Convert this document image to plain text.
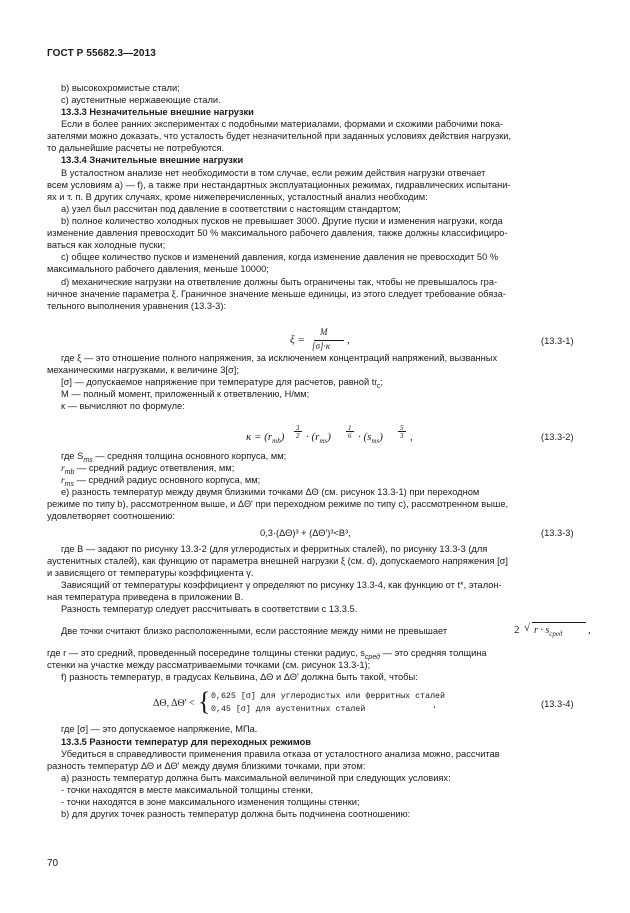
ГОСТ Р 55682.3—2013
b) высокохромистые стали;
c) аустенитные нержавеющие стали.
13.3.3 Незначительные внешние нагрузки
Если в более ранних экспериментах с подобными материалами, формами и схожими рабочими пока-
зателями можно доказать, что усталость будет незначительной при заданных условиях действия нагрузки,
то дальнейшие расчеты не потребуются.
13.3.4 Значительные внешние нагрузки
В усталостном анализе нет необходимости в том случае, если режим действия нагрузки отвечает
всем условиям a) — f), а также при нестандартных эксплуатационных режимах, гидравлических испытани-
ях и т. п. В других случаях, кроме нижеперечисленных, усталостный анализ необходим:
a) узел был рассчитан под давление в соответствии с настоящим стандартом;
b) полное количество холодных пусков не превышает 3000. Другие пуски и изменения нагрузки, когда
изменение давления превосходит 50 % максимального рабочего давления, также должны классифициро-
ваться как холодные пуски;
c) общее количество пусков и изменений давления, когда изменение давления не превосходит 50 %
максимального рабочего давления, меньше 10000;
d) механические нагрузки на ответвление должны быть ограничены так, чтобы не превышалось гра-
ничное значение параметра ξ. Граничное значение меньше единицы, из этого следует требование обяза-
тельного выполнения уравнения (13.3-3):
ξ =
M
[σ]·κ ,	(13.3-1)
где ξ — это отношение полного напряжения, за исключением концентраций напряжений, вызванных
механическими нагрузками, к величине 3[σ];
[σ] — допускаемое напряжение при температуре для расчетов, равной $tt_c$;
M — полный момент, приложенный к ответвлению, Н/мм;
к — вычисляют по формуле:
$\kappa = (r_{mb})$
3
$2 \cdot (r_{ms})$
1
$6 \cdot (s_{ms})$
5
3 ,	(13.3-2)
где $S_{ms}$ — средняя толщина основного корпуса, мм;
$r_{mb}$ — средний радиус ответвления, мм;
$r_{ms}$ — средний радиус основного корпуса, мм;
e) разность температур между двумя близкими точками ΔΘ (см. рисунок 13.3-1) при переходном
режиме по типу b), рассмотренном выше, и ΔΘ' при переходном режиме по типу c), рассмотренном выше,
удовлетворяет соотношению:
0,3·(ΔΘ)³ + (ΔΘ')³<B³,	(13.3-3)
где B — задают по рисунку 13.3-2 (для углеродистых и ферритных сталей), по рисунку 13.3-3 (для
аустенитных сталей), как функцию от параметра внешней нагрузки ξ (см. d), допускаемого напряжения [σ]
и зависящего от температуры коэффициента γ.
Зависящий от температуры коэффициент γ определяют по рисунку 13.3-4, как функцию от t*, эталон-
ная температура приведена в приложении B.
Разность температур следует рассчитывать в соответствии с 13.3.5.
Две точки считают близко расположенными, если расстояние между ними не превышает	2 √ $r \cdot s_{сред}$ ,
где r — это средний, проведенный посередине толщины стенки радиус, $s_{сред}$ — это средняя толщина
стенки на участке между рассматриваемыми точками (см. рисунок 13.3-1);
f) разность температур, в градусах Кельвина, ΔΘ и ΔΘ' должна быть такой, чтобы:
ΔΘ, ΔΘ' < { 0,625 [σ] для углеродистых или ферритных сталей
0,45 [σ] для аустенитных сталей
,	(13.3-4)
где [σ] — это допускаемое напряжение, МПа.
13.3.5 Разности температур для переходных режимов
Убедиться в справедливости применения правила отказа от усталостного анализа можно, рассчитав
разность температур ΔΘ и ΔΘ' между двумя близкими точками, при этом:
a) разность температур должна быть максимальной величиной при следующих условиях:
- точки находятся в месте максимальной толщины стенки,
- точки находятся в зоне максимального изменения толщины стенки;
b) для других точек разность температур должна быть подчинена соотношению:
70
